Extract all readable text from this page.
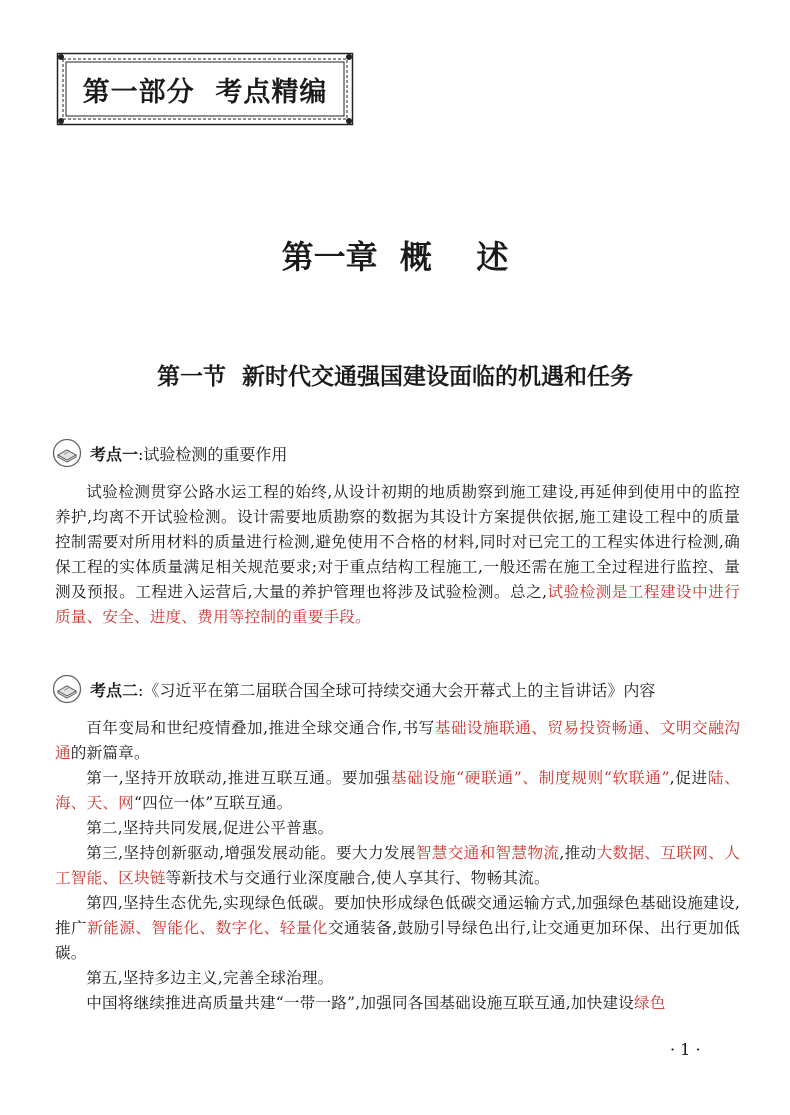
第一部分  考点精编
第一章  概    述
第一节  新时代交通强国建设面临的机遇和任务
考点一 :试验检测的重要作用

试验检测贯穿公路水运工程的始终,从设计初期的地质勘察到施工建设,再延伸到使用中的监控养护,均离不开试验检测。设计需要地质勘察的数据为其设计方案提供依据,施工建设工程中的质量控制需要对所用材料的质量进行检测,避免使用不合格的材料,同时对已完工的工程实体进行检测,确保工程的实体质量满足相关规范要求;对于重点结构工程施工,一般还需在施工全过程进行监控、量测及预报。工程进入运营后,大量的养护管理也将涉及试验检测。总之,试验检测是工程建设中进行质量、安全、进度、费用等控制的重要手段。

考点二 :《习近平在第二届联合国全球可持续交通大会开幕式上的主旨讲话》内容

百年变局和世纪疫情叠加,推进全球交通合作,书写基础设施联通、贸易投资畅通、文明交融沟通的新篇章。

第一,坚持开放联动,推进互联互通。要加强基础设施“硬联通”、制度规则“软联通”,促进陆、海、天、网“四位一体”互联互通。

第二,坚持共同发展,促进公平普惠。

第三,坚持创新驱动,增强发展动能。要大力发展智慧交通和智慧物流,推动大数据、互联网、人工智能、区块链等新技术与交通行业深度融合,使人享其行、物畅其流。

第四,坚持生态优先,实现绿色低碳。要加快形成绿色低碳交通运输方式,加强绿色基础设施建设,推广新能源、智能化、数字化、轻量化交通装备,鼓励引导绿色出行,让交通更加环保、出行更加低碳。

第五,坚持多边主义,完善全球治理。

中国将继续推进高质量共建“一带一路”,加强同各国基础设施互联互通,加快建设绿色

· 1 ·
